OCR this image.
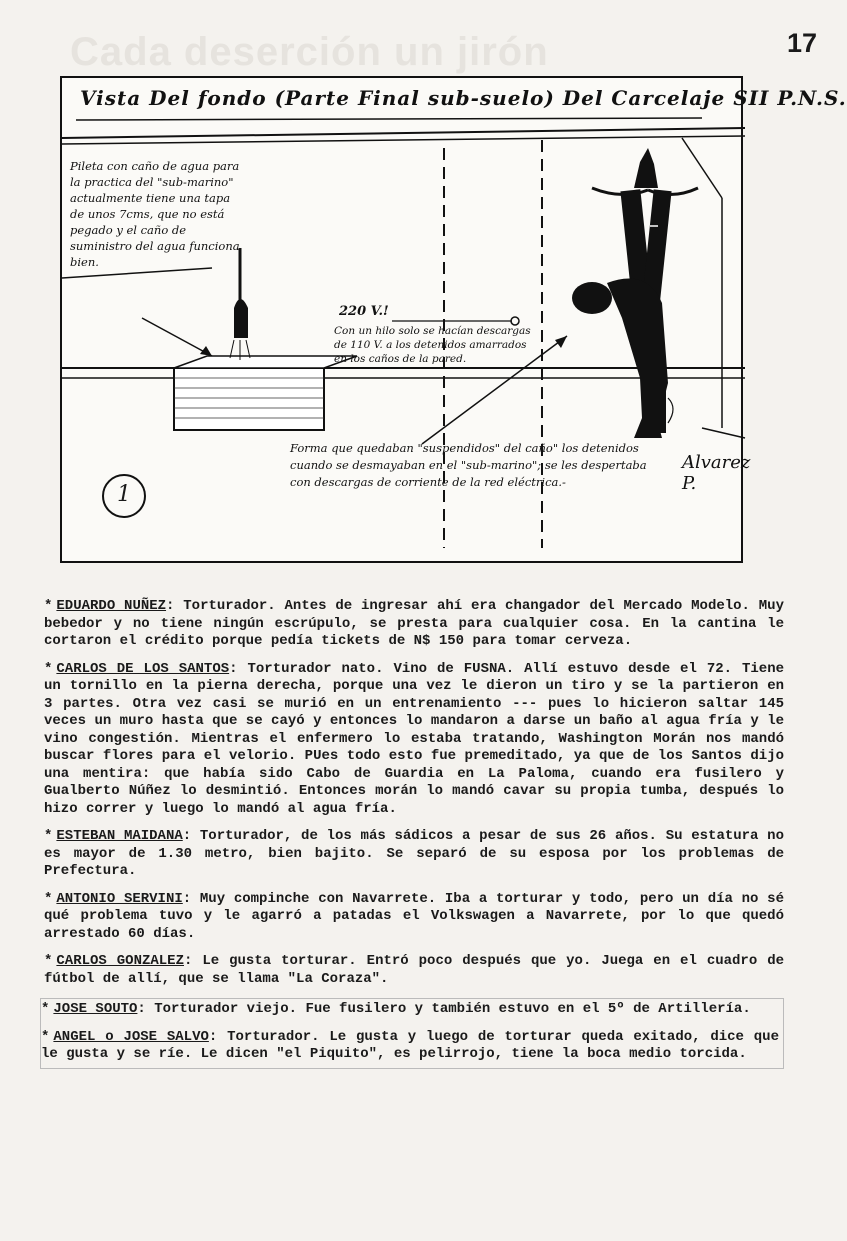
Cada deserción un jirón	17
Vista Del fondo (Parte Final sub-suelo) Del Carcelaje SII P.N.S.
Pileta con caño de agua para la practica del "sub-marino" actualmente tiene una tapa de unos 7cms, que no está pegado y el caño de suministro del agua funciona bien.
220 V.!
Con un hilo solo se hacían descargas de 110 V. a los detenidos amarrados en los caños de la pared.
Forma que quedaban "suspendidos" del caño" los detenidos cuando se desmayaban en el "sub-marino"; se les despertaba con descargas de corriente de la red eléctrica.-
Alvarez P.
1

* EDUARDO NUÑEZ: Torturador. Antes de ingresar ahí era changador del Mercado Modelo. Muy bebedor y no tiene ningún escrúpulo, se presta para cualquier cosa. En la cantina le cortaron el crédito porque pedía tickets de N$ 150 para tomar cerveza.

* CARLOS DE LOS SANTOS: Torturador nato. Vino de FUSNA. Allí estuvo desde el 72. Tiene un tornillo en la pierna derecha, porque una vez le dieron un tiro y se la partieron en 3 partes. Otra vez casi se murió en un entrenamiento --- pues lo hicieron saltar 145 veces un muro hasta que se cayó y entonces lo mandaron a darse un baño al agua fría y le vino congestión. Mientras el enfermero lo estaba tratando, Washington Morán nos mandó buscar flores para el velorio. PUes todo esto fue premeditado, ya que de los Santos dijo una mentira: que había sido Cabo de Guardia en La Paloma, cuando era fusilero y Gualberto Núñez lo desmintió. Entonces morán lo mandó cavar su propia tumba, después lo hizo correr y luego lo mandó al agua fría.

* ESTEBAN MAIDANA: Torturador, de los más sádicos a pesar de sus 26 años. Su estatura no es mayor de 1.30 metro, bien bajito. Se separó de su esposa por los problemas de Prefectura.

* ANTONIO SERVINI: Muy compinche con Navarrete. Iba a torturar y todo, pero un día no sé qué problema tuvo y le agarró a patadas el Volkswagen a Navarrete, por lo que quedó arrestado 60 días.

* CARLOS GONZALEZ: Le gusta torturar. Entró poco después que yo. Juega en el cuadro de fútbol de allí, que se llama "La Coraza".

* JOSE SOUTO: Torturador viejo. Fue fusilero y también estuvo en el 5º de Artillería.

* ANGEL o JOSE SALVO: Torturador. Le gusta y luego de torturar queda exitado, dice que le gusta y se ríe. Le dicen "el Piquito", es pelirrojo, tiene la boca medio torcida.
